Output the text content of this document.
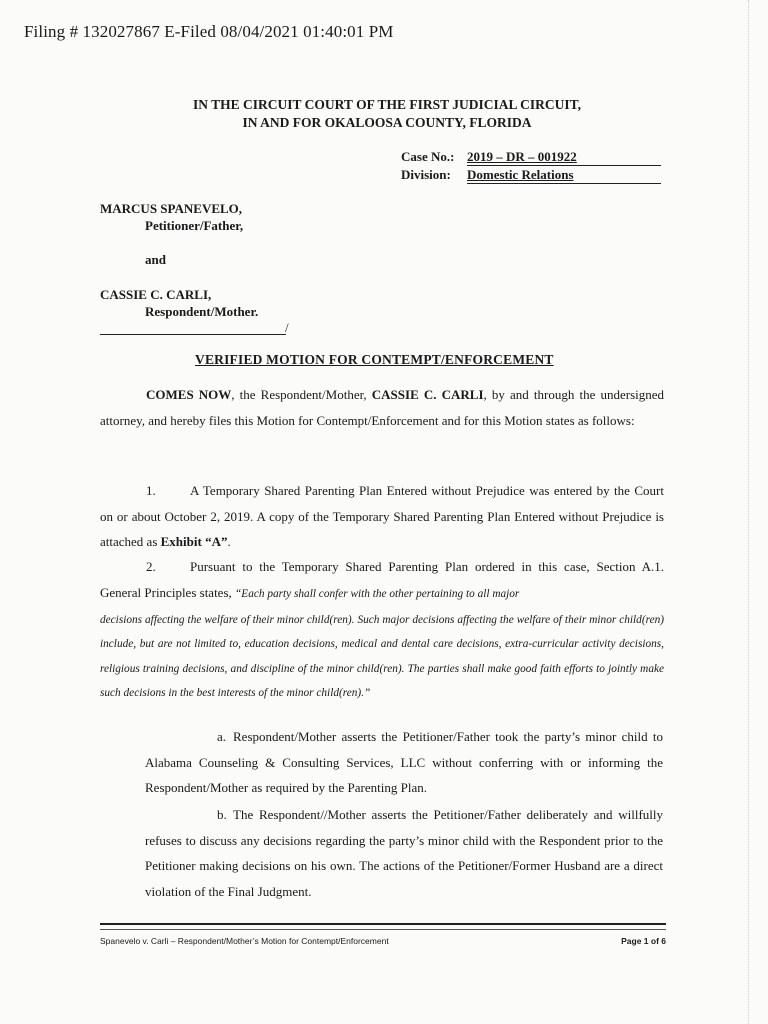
Filing # 132027867 E-Filed 08/04/2021 01:40:01 PM
IN THE CIRCUIT COURT OF THE FIRST JUDICIAL CIRCUIT,
IN AND FOR OKALOOSA COUNTY, FLORIDA
Case No.: 2019 – DR – 001922
Division:	Domestic Relations
MARCUS SPANEVELO,
Petitioner/Father,
and
CASSIE C. CARLI,
Respondent/Mother.
/
VERIFIED MOTION FOR CONTEMPT/ENFORCEMENT
COMES NOW, the Respondent/Mother, CASSIE C. CARLI, by and through the undersigned attorney, and hereby files this Motion for Contempt/Enforcement and for this Motion states as follows:
1.	A Temporary Shared Parenting Plan Entered without Prejudice was entered by the Court on or about October 2, 2019. A copy of the Temporary Shared Parenting Plan Entered without Prejudice is attached as Exhibit “A”.
2.	Pursuant to the Temporary Shared Parenting Plan ordered in this case, Section A.1. General Principles states, “Each party shall confer with the other pertaining to all major
decisions affecting the welfare of their minor child(ren). Such major decisions affecting the welfare of their minor child(ren) include, but are not limited to, education decisions, medical and dental care decisions, extra-curricular activity decisions, religious training decisions, and discipline of the minor child(ren). The parties shall make good faith efforts to jointly make such decisions in the best interests of the minor child(ren).”
a. Respondent/Mother asserts the Petitioner/Father took the party’s minor child to Alabama Counseling & Consulting Services, LLC without conferring with or informing the Respondent/Mother as required by the Parenting Plan.
b. The Respondent//Mother asserts the Petitioner/Father deliberately and willfully refuses to discuss any decisions regarding the party’s minor child with the Respondent prior to the Petitioner making decisions on his own. The actions of the Petitioner/Former Husband are a direct violation of the Final Judgment.
Spanevelo v. Carli – Respondent/Mother’s Motion for Contempt/Enforcement	Page 1 of 6
